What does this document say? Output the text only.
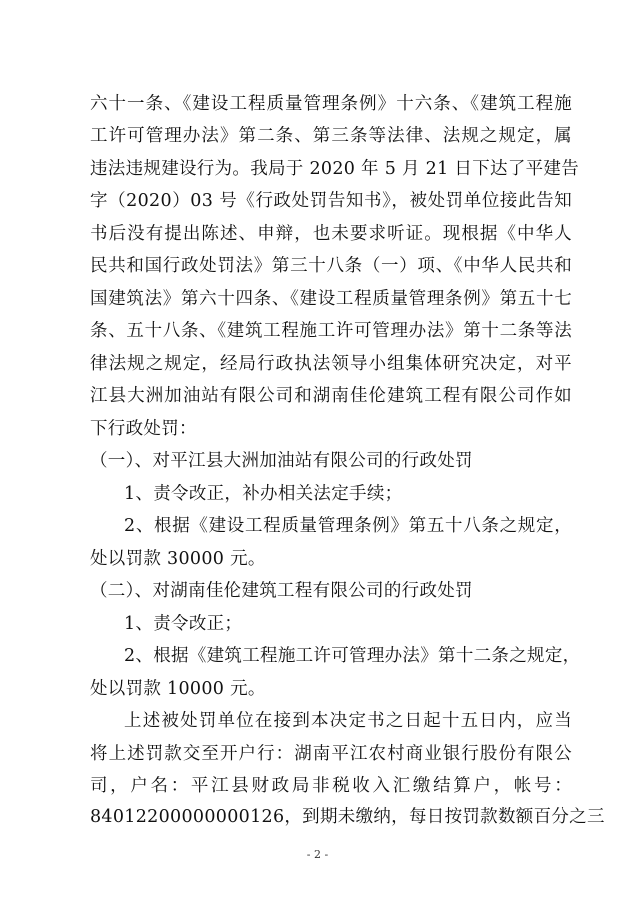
六十一条、《建设工程质量管理条例》十六条、《建筑工程施
工许可管理办法》第二条、第三条等法律、法规之规定，属
违法违规建设行为。我局于 2020 年 5 月 21 日下达了平建告
字（2020）03 号《行政处罚告知书》，被处罚单位接此告知
书后没有提出陈述、申辩，也未要求听证。现根据《中华人
民共和国行政处罚法》第三十八条（一）项、《中华人民共和
国建筑法》第六十四条、《建设工程质量管理条例》第五十七
条、五十八条、《建筑工程施工许可管理办法》第十二条等法
律法规之规定，经局行政执法领导小组集体研究决定，对平
江县大洲加油站有限公司和湖南佳伦建筑工程有限公司作如
下行政处罚：
（一）、对平江县大洲加油站有限公司的行政处罚
1、责令改正，补办相关法定手续；
2、根据《建设工程质量管理条例》第五十八条之规定，
处以罚款 30000 元。
（二）、对湖南佳伦建筑工程有限公司的行政处罚
1、责令改正；
2、根据《建筑工程施工许可管理办法》第十二条之规定，
处以罚款 10000 元。
上述被处罚单位在接到本决定书之日起十五日内，应当
将上述罚款交至开户行：湖南平江农村商业银行股份有限公
司，户名：平江县财政局非税收入汇缴结算户，帐号：
84012200000000126，到期未缴纳，每日按罚款数额百分之三
- 2 -
